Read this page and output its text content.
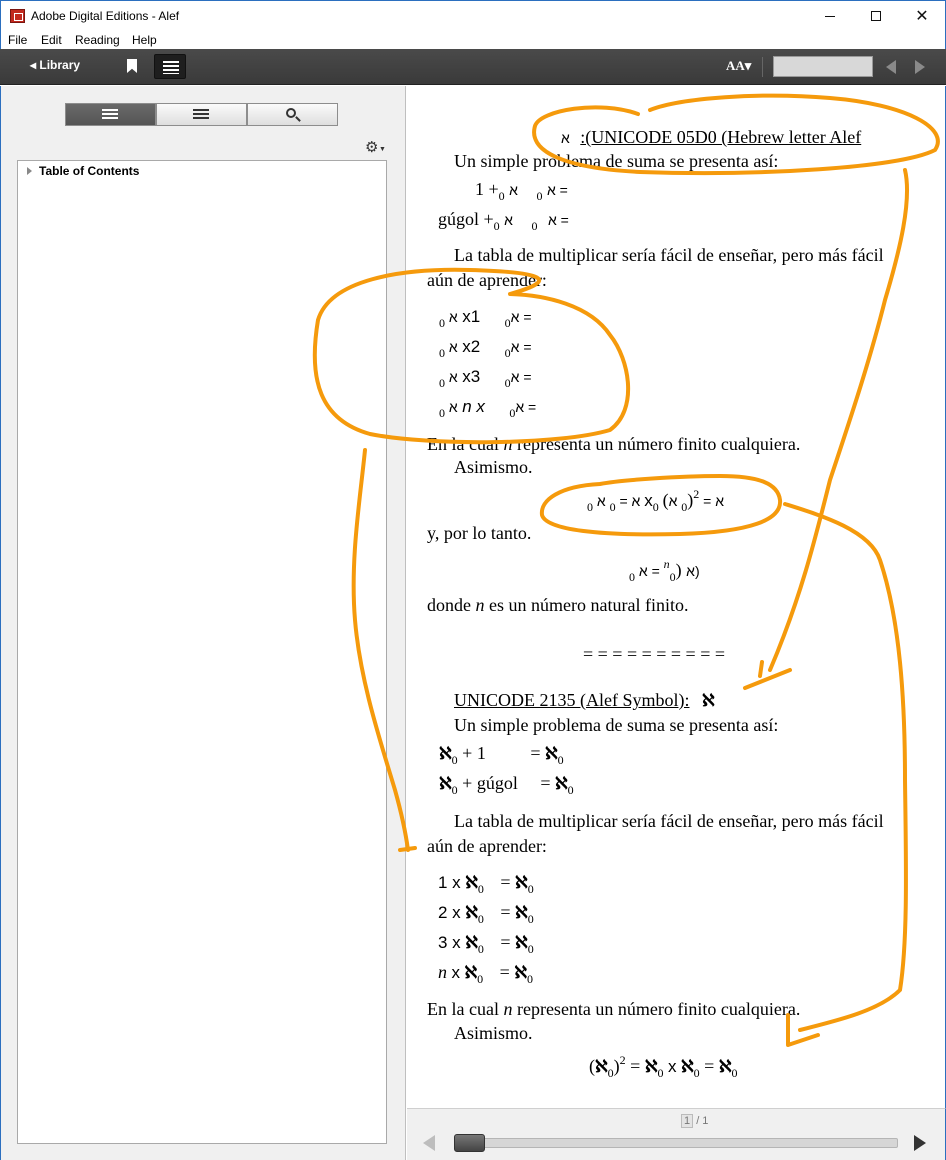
Adobe Digital Editions - Alef	✕
File Edit Reading Help
◂ Library	AA▾
⚙ ▼
Table of Contents
א :(UNICODE 05D0 (Hebrew letter Alef
Un simple problema de suma se presenta así:
$1 +_0$	א $_0$ א =
gúgol $+_0$	א $_0$ א =
La tabla de multiplicar sería fácil de enseñar, pero más fácil
aún de aprender:
$_0$ א x1 $_0$א =
$_0$ א x2 $_0$א =
$_0$ א x3 $_0$א =
$_0$ א n x $_0$א =
En la cual n representa un número finito cualquiera.
Asimismo.
$_0$ א = $_0$ א $x_0$ א = $^2(_0$ א)
y, por lo tanto.
$_0$ א = $^n_0$) א)
donde n es un número natural finito.
= = = = = = = = = =
UNICODE 2135 (Alef Symbol): ℵ
Un simple problema de suma se presenta así:
ℵ$_0$ + 1 = ℵ$_0$
ℵ$_0$ + gúgol = ℵ$_0$
La tabla de multiplicar sería fácil de enseñar, pero más fácil
aún de aprender:
1 x ℵ$_0$ = ℵ$_0$
2 x ℵ$_0$ = ℵ$_0$
3 x ℵ$_0$ = ℵ$_0$
n x ℵ$_0$ = ℵ$_0$
En la cual n representa un número finito cualquiera.
Asimismo.
(ℵ$_0$)$^2$ = ℵ$_0$ x ℵ$_0$ = ℵ$_0$
1 / 1
